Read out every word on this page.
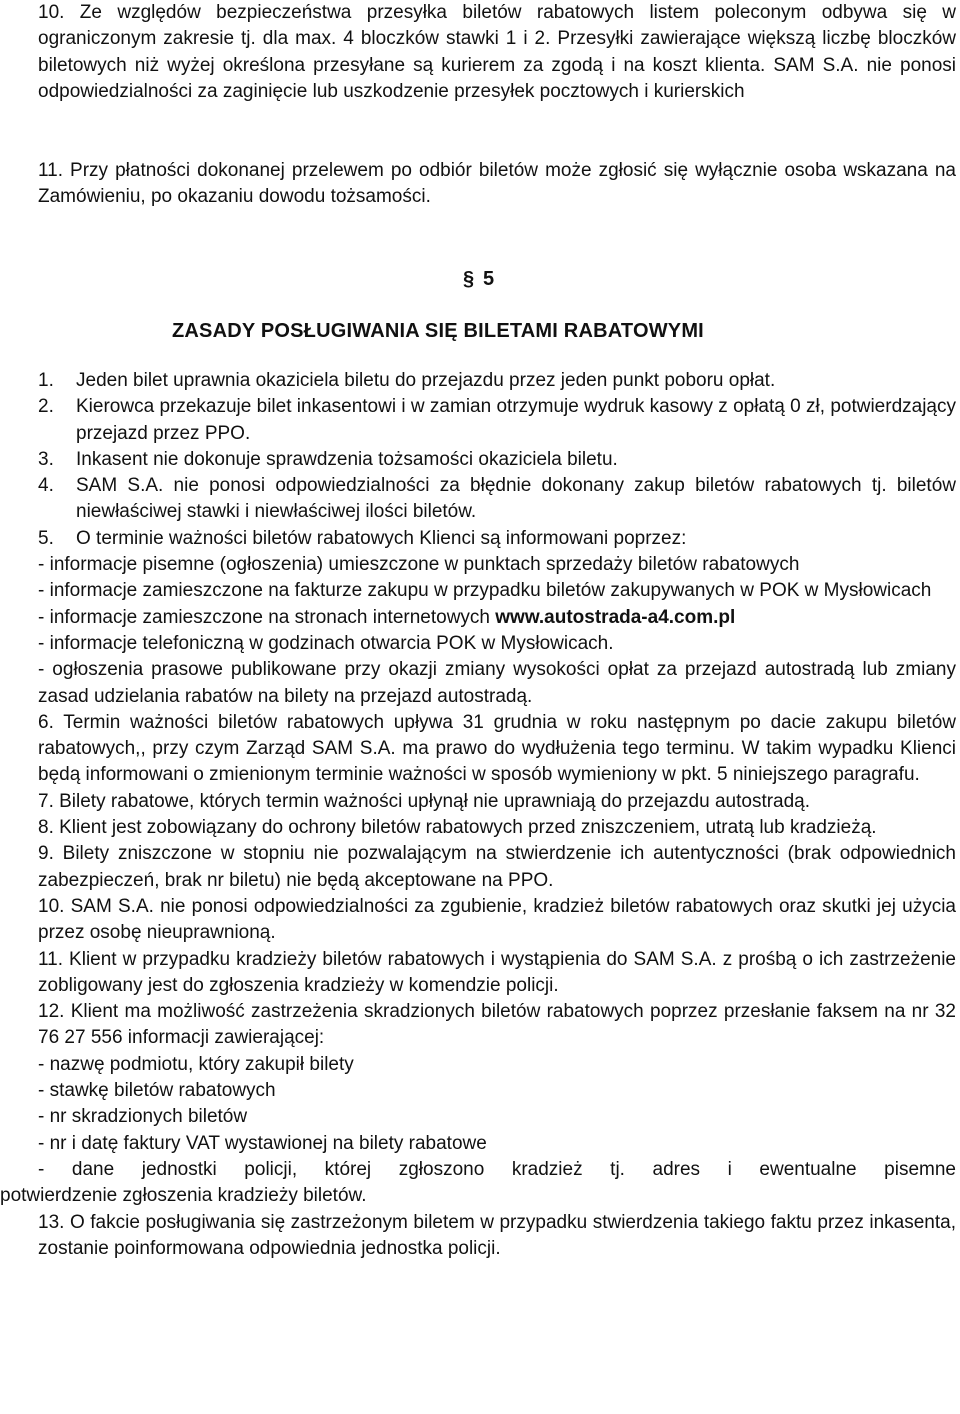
10. Ze względów bezpieczeństwa przesyłka biletów rabatowych listem poleconym odbywa się w ograniczonym zakresie tj. dla max. 4 bloczków stawki 1 i 2. Przesyłki zawierające większą liczbę bloczków biletowych niż wyżej określona przesyłane są kurierem za zgodą i na koszt klienta. SAM S.A. nie ponosi odpowiedzialności za zaginięcie lub uszkodzenie przesyłek pocztowych i kurierskich

11. Przy płatności dokonanej przelewem po odbiór biletów może zgłosić się wyłącznie osoba wskazana na Zamówieniu, po okazaniu dowodu tożsamości.

§ 5
ZASADY POSŁUGIWANIA SIĘ BILETAMI RABATOWYMI

1. Jeden bilet uprawnia okaziciela biletu do przejazdu przez jeden punkt poboru opłat.

2. Kierowca przekazuje bilet inkasentowi i w zamian otrzymuje wydruk kasowy z opłatą 0 zł, potwierdzający przejazd przez PPO.

3. Inkasent nie dokonuje sprawdzenia tożsamości okaziciela biletu.

4. SAM S.A. nie ponosi odpowiedzialności za błędnie dokonany zakup biletów rabatowych tj. biletów niewłaściwej stawki i niewłaściwej ilości biletów.

5. O terminie ważności biletów rabatowych Klienci są informowani poprzez:

- informacje pisemne (ogłoszenia) umieszczone w punktach sprzedaży biletów rabatowych

- informacje zamieszczone na fakturze zakupu w przypadku biletów zakupywanych w POK w Mysłowicach

- informacje zamieszczone na stronach internetowych www.autostrada-a4.com.pl

- informacje telefoniczną w godzinach otwarcia POK w Mysłowicach.

- ogłoszenia prasowe publikowane przy okazji zmiany wysokości opłat za przejazd autostradą lub zmiany zasad udzielania rabatów na bilety na przejazd autostradą.

6. Termin ważności biletów rabatowych upływa 31 grudnia w roku następnym po dacie zakupu biletów rabatowych,, przy czym Zarząd SAM S.A. ma prawo do wydłużenia tego terminu. W takim wypadku Klienci będą informowani o zmienionym terminie ważności w sposób wymieniony w pkt. 5 niniejszego paragrafu.

7. Bilety rabatowe, których termin ważności upłynął nie uprawniają do przejazdu autostradą.

8. Klient jest zobowiązany do ochrony biletów rabatowych przed zniszczeniem, utratą lub kradzieżą.

9. Bilety zniszczone w stopniu nie pozwalającym na stwierdzenie ich autentyczności (brak odpowiednich zabezpieczeń, brak nr biletu) nie będą akceptowane na PPO.

10. SAM S.A. nie ponosi odpowiedzialności za zgubienie, kradzież biletów rabatowych oraz skutki jej użycia przez osobę nieuprawnioną.

11. Klient w przypadku kradzieży biletów rabatowych i wystąpienia do SAM S.A. z prośbą o ich zastrzeżenie zobligowany jest do zgłoszenia kradzieży w komendzie policji.

12. Klient ma możliwość zastrzeżenia skradzionych biletów rabatowych poprzez przesłanie faksem na nr 32 76 27 556 informacji zawierającej:

- nazwę podmiotu, który zakupił bilety

- stawkę biletów rabatowych

- nr skradzionych biletów

- nr i datę faktury VAT wystawionej na bilety rabatowe

- dane jednostki policji, której zgłoszono kradzież tj. adres i ewentualne pisemne

potwierdzenie zgłoszenia kradzieży biletów.

13. O fakcie posługiwania się zastrzeżonym biletem w przypadku stwierdzenia takiego faktu przez inkasenta, zostanie poinformowana odpowiednia jednostka policji.
